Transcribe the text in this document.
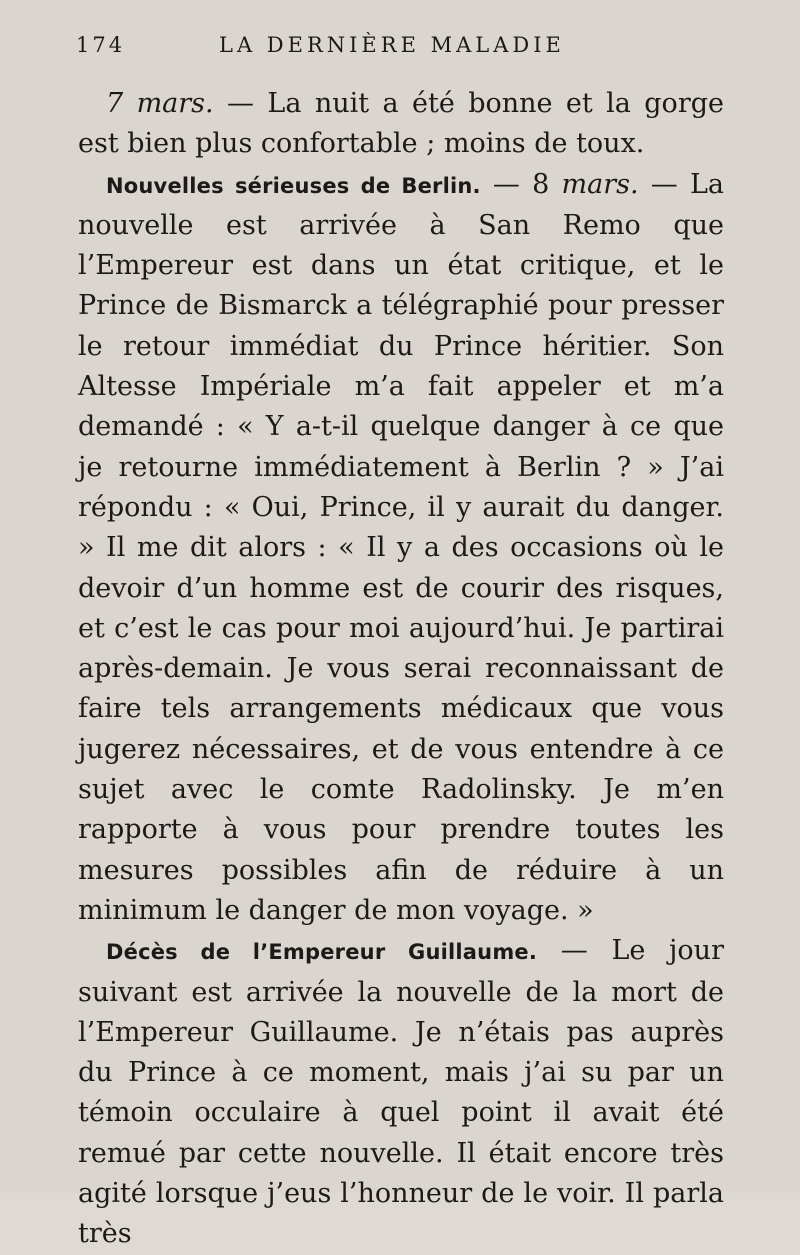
174	LA DERNIÈRE MALADIE

7 mars. — La nuit a été bonne et la gorge est bien plus confortable ; moins de toux.

Nouvelles sérieuses de Berlin. — 8 mars. — La nouvelle est arrivée à San Remo que l’Empereur est dans un état critique, et le Prince de Bismarck a télégraphié pour presser le retour immédiat du Prince héritier. Son Altesse Impériale m’a fait appeler et m’a demandé : « Y a-t-il quelque danger à ce que je retourne immédiatement à Berlin ? » J’ai répondu : « Oui, Prince, il y aurait du danger. » Il me dit alors : « Il y a des occasions où le devoir d’un homme est de courir des risques, et c’est le cas pour moi aujourd’hui. Je partirai après-demain. Je vous serai reconnaissant de faire tels arrangements médicaux que vous jugerez nécessaires, et de vous entendre à ce sujet avec le comte Radolinsky. Je m’en rapporte à vous pour prendre toutes les mesures possibles afin de réduire à un minimum le danger de mon voyage. »

Décès de l’Empereur Guillaume. — Le jour suivant est arrivée la nouvelle de la mort de l’Empereur Guillaume. Je n’étais pas auprès du Prince à ce moment, mais j’ai su par un témoin occulaire à quel point il avait été remué par cette nouvelle. Il était encore très agité lorsque j’eus l’honneur de le voir. Il parla très
